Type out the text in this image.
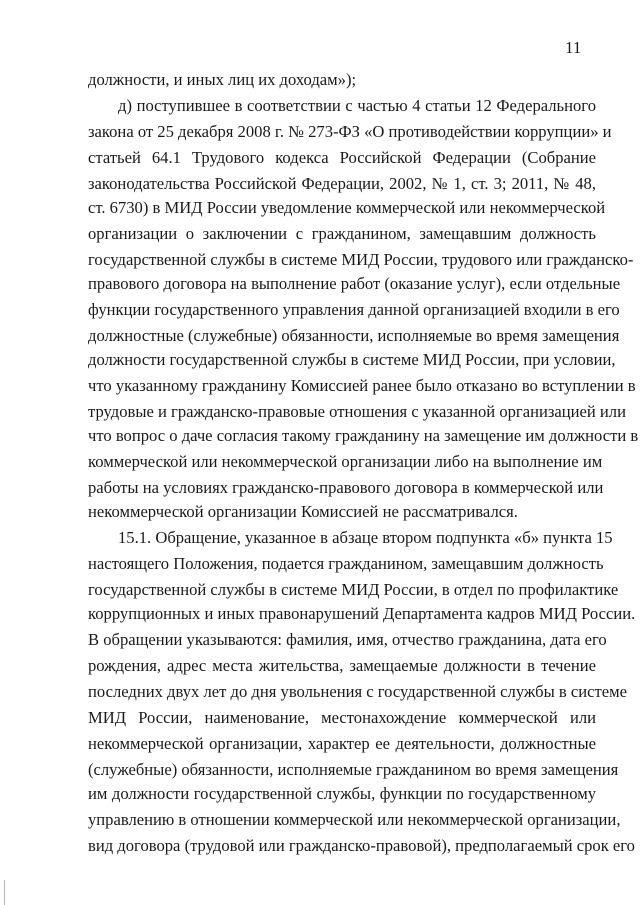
11
должности, и иных лиц их доходам»);
д) поступившее в соответствии с частью 4 статьи 12 Федерального
закона от 25 декабря 2008 г. № 273-ФЗ «О противодействии коррупции» и
статьей 64.1 Трудового кодекса Российской Федерации (Собрание
законодательства Российской Федерации, 2002, № 1, ст. 3; 2011, № 48,
ст. 6730) в МИД России уведомление коммерческой или некоммерческой
организации о заключении с гражданином, замещавшим должность
государственной службы в системе МИД России, трудового или гражданско-
правового договора на выполнение работ (оказание услуг), если отдельные
функции государственного управления данной организацией входили в его
должностные (служебные) обязанности, исполняемые во время замещения
должности государственной службы в системе МИД России, при условии,
что указанному гражданину Комиссией ранее было отказано во вступлении в
трудовые и гражданско-правовые отношения с указанной организацией или
что вопрос о даче согласия такому гражданину на замещение им должности в
коммерческой или некоммерческой организации либо на выполнение им
работы на условиях гражданско-правового договора в коммерческой или
некоммерческой организации Комиссией не рассматривался.
15.1. Обращение, указанное в абзаце втором подпункта «б» пункта 15
настоящего Положения, подается гражданином, замещавшим должность
государственной службы в системе МИД России, в отдел по профилактике
коррупционных и иных правонарушений Департамента кадров МИД России.
В обращении указываются: фамилия, имя, отчество гражданина, дата его
рождения, адрес места жительства, замещаемые должности в течение
последних двух лет до дня увольнения с государственной службы в системе
МИД России, наименование, местонахождение коммерческой или
некоммерческой организации, характер ее деятельности, должностные
(служебные) обязанности, исполняемые гражданином во время замещения
им должности государственной службы, функции по государственному
управлению в отношении коммерческой или некоммерческой организации,
вид договора (трудовой или гражданско-правовой), предполагаемый срок его
